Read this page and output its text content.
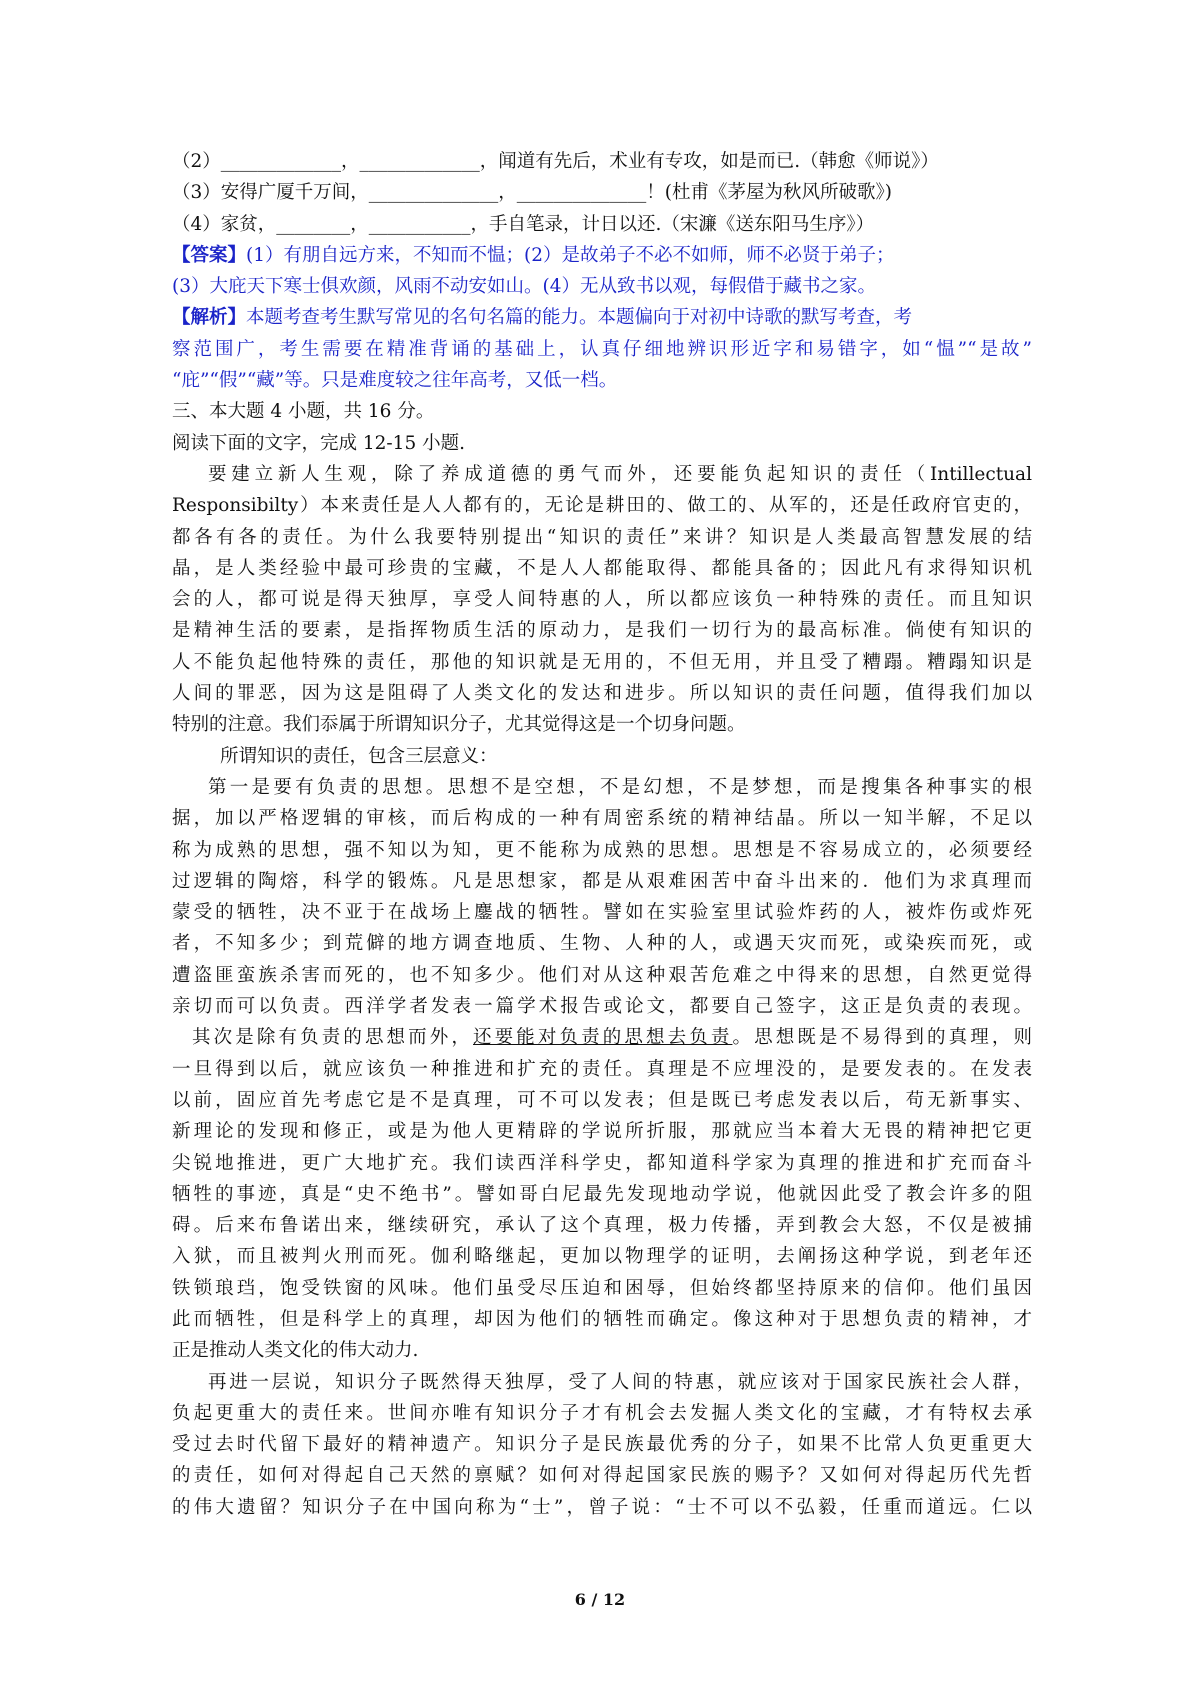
（2）_____________，_____________，闻道有先后，术业有专攻，如是而已.（韩愈《师说》）
（3）安得广厦千万间，______________，______________！(杜甫《茅屋为秋风所破歌》)
（4）家贫，________，___________，手自笔录，计日以还.（宋濂《送东阳马生序》）
【答案】(1）有朋自远方来，不知而不愠；(2）是故弟子不必不如师，师不必贤于弟子；
(3）大庇天下寒士俱欢颜，风雨不动安如山。(4）无从致书以观，每假借于藏书之家。
【解析】本题考查考生默写常见的名句名篇的能力。本题偏向于对初中诗歌的默写考查，考
察范围广，考生需要在精准背诵的基础上，认真仔细地辨识形近字和易错字，如“愠”“是故”
“庇”“假”“藏”等。只是难度较之往年高考，又低一档。
三、本大题 4 小题，共 16 分。
阅读下面的文字，完成 12-15 小题.
要建立新人生观，除了养成道德的勇气而外，还要能负起知识的责任（Intillectual
Responsibilty）本来责任是人人都有的，无论是耕田的、做工的、从军的，还是任政府官吏的，
都各有各的责任。为什么我要特别提出“知识的责任”来讲？知识是人类最高智慧发展的结
晶，是人类经验中最可珍贵的宝藏，不是人人都能取得、都能具备的；因此凡有求得知识机
会的人，都可说是得天独厚，享受人间特惠的人，所以都应该负一种特殊的责任。而且知识
是精神生活的要素，是指挥物质生活的原动力，是我们一切行为的最高标准。倘使有知识的
人不能负起他特殊的责任，那他的知识就是无用的，不但无用，并且受了糟蹋。糟蹋知识是
人间的罪恶，因为这是阻碍了人类文化的发达和进步。所以知识的责任问题，值得我们加以
特别的注意。我们忝属于所谓知识分子，尤其觉得这是一个切身问题。
所谓知识的责任，包含三层意义：
第一是要有负责的思想。思想不是空想，不是幻想，不是梦想，而是搜集各种事实的根
据，加以严格逻辑的审核，而后构成的一种有周密系统的精神结晶。所以一知半解，不足以
称为成熟的思想，强不知以为知，更不能称为成熟的思想。思想是不容易成立的，必须要经
过逻辑的陶熔，科学的锻炼。凡是思想家，都是从艰难困苦中奋斗出来的．他们为求真理而
蒙受的牺牲，决不亚于在战场上鏖战的牺牲。譬如在实验室里试验炸药的人，被炸伤或炸死
者，不知多少；到荒僻的地方调查地质、生物、人种的人，或遇天灾而死，或染疾而死，或
遭盗匪蛮族杀害而死的，也不知多少。他们对从这种艰苦危难之中得来的思想，自然更觉得
亲切而可以负责。西洋学者发表一篇学术报告或论文，都要自己签字，这正是负责的表现。
其次是除有负责的思想而外，还要能对负责的思想去负责。思想既是不易得到的真理，则
一旦得到以后，就应该负一种推进和扩充的责任。真理是不应埋没的，是要发表的。在发表
以前，固应首先考虑它是不是真理，可不可以发表；但是既已考虑发表以后，苟无新事实、
新理论的发现和修正，或是为他人更精辟的学说所折服，那就应当本着大无畏的精神把它更
尖锐地推进，更广大地扩充。我们读西洋科学史，都知道科学家为真理的推进和扩充而奋斗
牺牲的事迹，真是“史不绝书”。譬如哥白尼最先发现地动学说，他就因此受了教会许多的阻
碍。后来布鲁诺出来，继续研究，承认了这个真理，极力传播，弄到教会大怒，不仅是被捕
入狱，而且被判火刑而死。伽利略继起，更加以物理学的证明，去阐扬这种学说，到老年还
铁锁琅珰，饱受铁窗的风味。他们虽受尽压迫和困辱，但始终都坚持原来的信仰。他们虽因
此而牺牲，但是科学上的真理，却因为他们的牺牲而确定。像这种对于思想负责的精神，才
正是推动人类文化的伟大动力.
再进一层说，知识分子既然得天独厚，受了人间的特惠，就应该对于国家民族社会人群，
负起更重大的责任来。世间亦唯有知识分子才有机会去发掘人类文化的宝藏，才有特权去承
受过去时代留下最好的精神遗产。知识分子是民族最优秀的分子，如果不比常人负更重更大
的责任，如何对得起自己天然的禀赋？如何对得起国家民族的赐予？又如何对得起历代先哲
的伟大遗留？知识分子在中国向称为“士”，曾子说：“士不可以不弘毅，任重而道远。仁以
6 / 12
